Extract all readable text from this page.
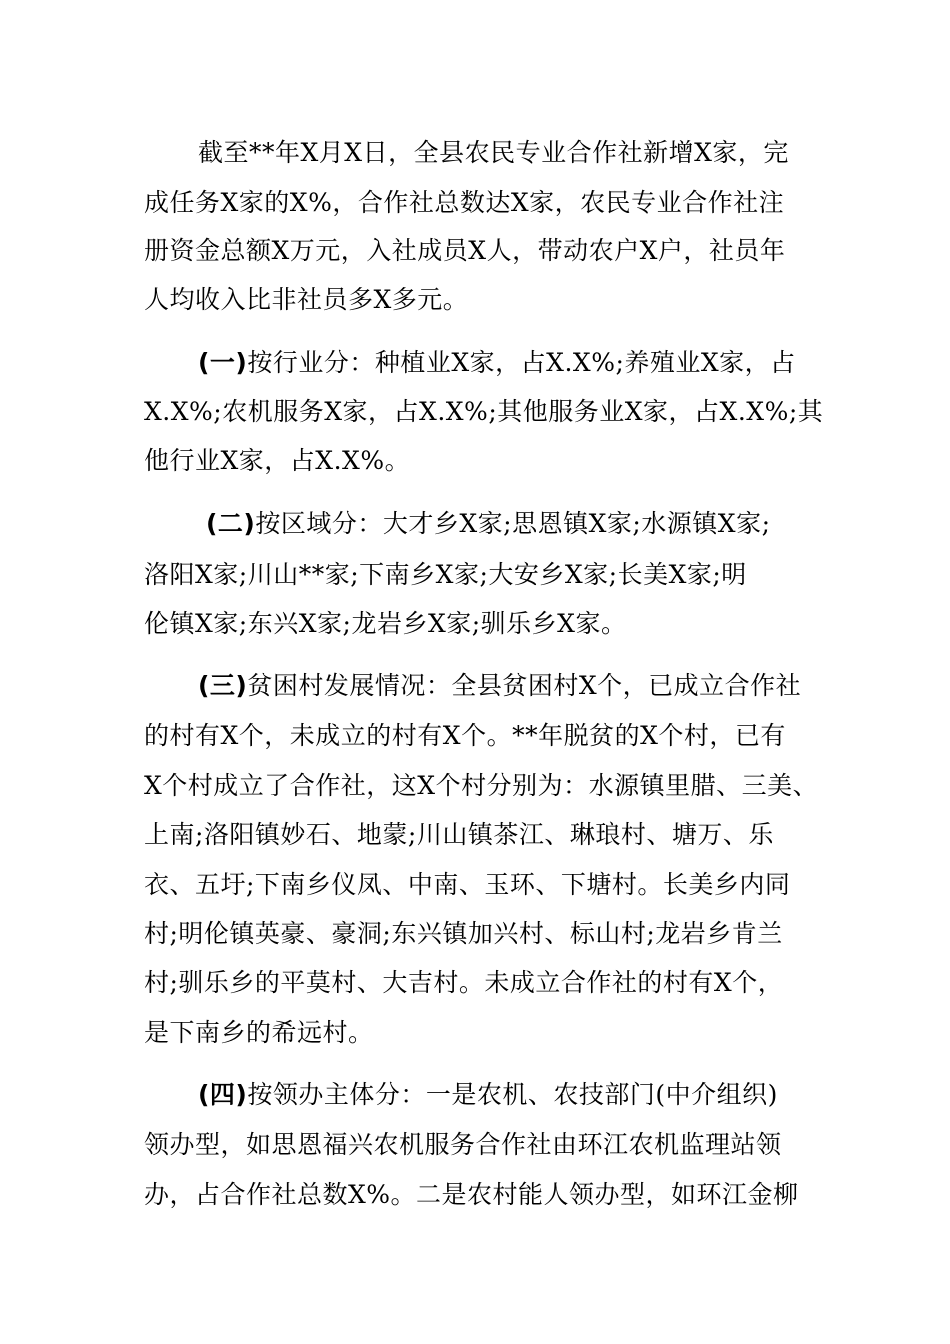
截至**年X月X日，全县农民专业合作社新增X家，完
成任务X家的X%，合作社总数达X家，农民专业合作社注
册资金总额X万元，入社成员X人，带动农户X户，社员年
人均收入比非社员多X多元。
(一)按行业分：种植业X家，占X.X%;养殖业X家，占
X.X%;农机服务X家，占X.X%;其他服务业X家，占X.X%;其
他行业X家，占X.X%。
(二)按区域分：大才乡X家;思恩镇X家;水源镇X家;
洛阳X家;川山**家;下南乡X家;大安乡X家;长美X家;明
伦镇X家;东兴X家;龙岩乡X家;驯乐乡X家。
(三)贫困村发展情况：全县贫困村X个，已成立合作社
的村有X个，未成立的村有X个。**年脱贫的X个村，已有
X个村成立了合作社，这X个村分别为：水源镇里腊、三美、
上南;洛阳镇妙石、地蒙;川山镇茶江、琳琅村、塘万、乐
衣、五圩;下南乡仪凤、中南、玉环、下塘村。长美乡内同
村;明伦镇英豪、豪洞;东兴镇加兴村、标山村;龙岩乡肯兰
村;驯乐乡的平莫村、大吉村。未成立合作社的村有X个，
是下南乡的希远村。
(四)按领办主体分：一是农机、农技部门(中介组织)
领办型，如思恩福兴农机服务合作社由环江农机监理站领
办，占合作社总数X%。二是农村能人领办型，如环江金柳
